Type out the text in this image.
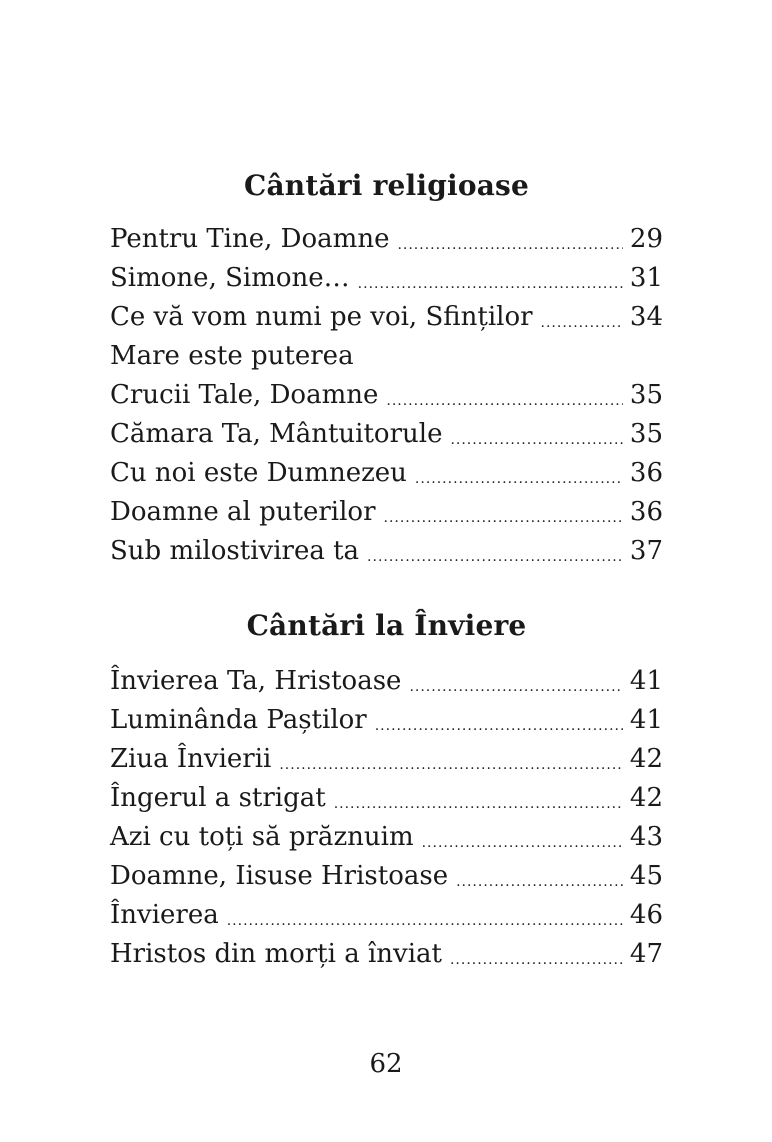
Cântări religioase
Pentru Tine, Doamne .....	29
Simone, Simone… .....	31
Ce vă vom numi pe voi, Sfinților .....	34
Mare este puterea
Crucii Tale, Doamne .....	35
Cămara Ta, Mântuitorule .....	35
Cu noi este Dumnezeu .....	36
Doamne al puterilor .....	36
Sub milostivirea ta .....	37
Cântări la Înviere
Învierea Ta, Hristoase .....	41
Luminânda Paștilor .....	41
Ziua Învierii .....	42
Îngerul a strigat .....	42
Azi cu toți să prăznuim .....	43
Doamne, Iisuse Hristoase .....	45
Învierea .....	46
Hristos din morți a înviat .....	47
62
